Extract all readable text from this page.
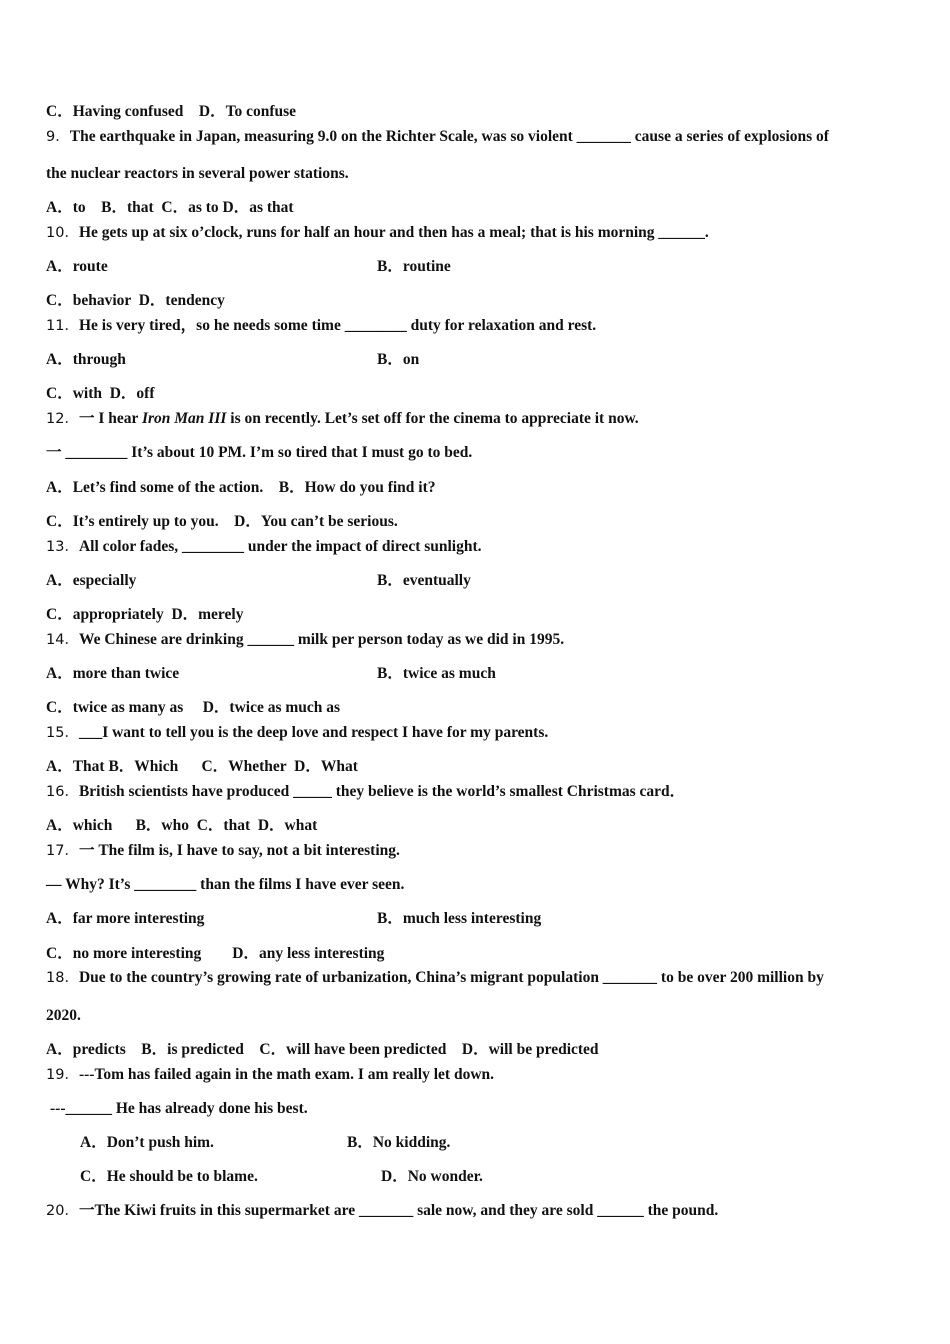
C．Having confused D．To confuse
9．The earthquake in Japan, measuring 9.0 on the Richter Scale, was so violent _______ cause a series of explosions of
the nuclear reactors in several power stations.
A．to    B．that  C．as to D．as that
10．He gets up at six o’clock, runs for half an hour and then has a meal; that is his morning ______.
A．route	B．routine
C．behavior  D．tendency
11．He is very tired，so he needs some time ________ duty for relaxation and rest.
A．through	B．on
C．with  D．off
12．一 I hear Iron Man III is on recently. Let’s set off for the cinema to appreciate it now.
一 ________ It’s about 10 PM. I’m so tired that I must go to bed.
A．Let’s find some of the action.    B．How do you find it?
C．It’s entirely up to you.    D．You can’t be serious.
13．All color fades, ________ under the impact of direct sunlight.
A．especially	B．eventually
C．appropriately  D．merely
14．We Chinese are drinking ______ milk per person today as we did in 1995.
A．more than twice	B．twice as much
C．twice as many as     D．twice as much as
15．___I want to tell you is the deep love and respect I have for my parents.
A．That B．Which      C．Whether  D．What
16．British scientists have produced _____ they believe is the world’s smallest Christmas card．
A．which      B．who  C．that  D．what
17．一 The film is, I have to say, not a bit interesting.
— Why? It’s ________ than the films I have ever seen.
A．far more interesting	B．much less interesting
C．no more interesting        D．any less interesting
18．Due to the country’s growing rate of urbanization, China’s migrant population _______ to be over 200 million by
2020.
A．predicts    B．is predicted    C．will have been predicted    D．will be predicted
19．---Tom has failed again in the math exam. I am really let down.
---______ He has already done his best.
A．Don’t push him.	B．No kidding.
C．He should be to blame.	D．No wonder.
20．一The Kiwi fruits in this supermarket are _______ sale now, and they are sold ______ the pound.
